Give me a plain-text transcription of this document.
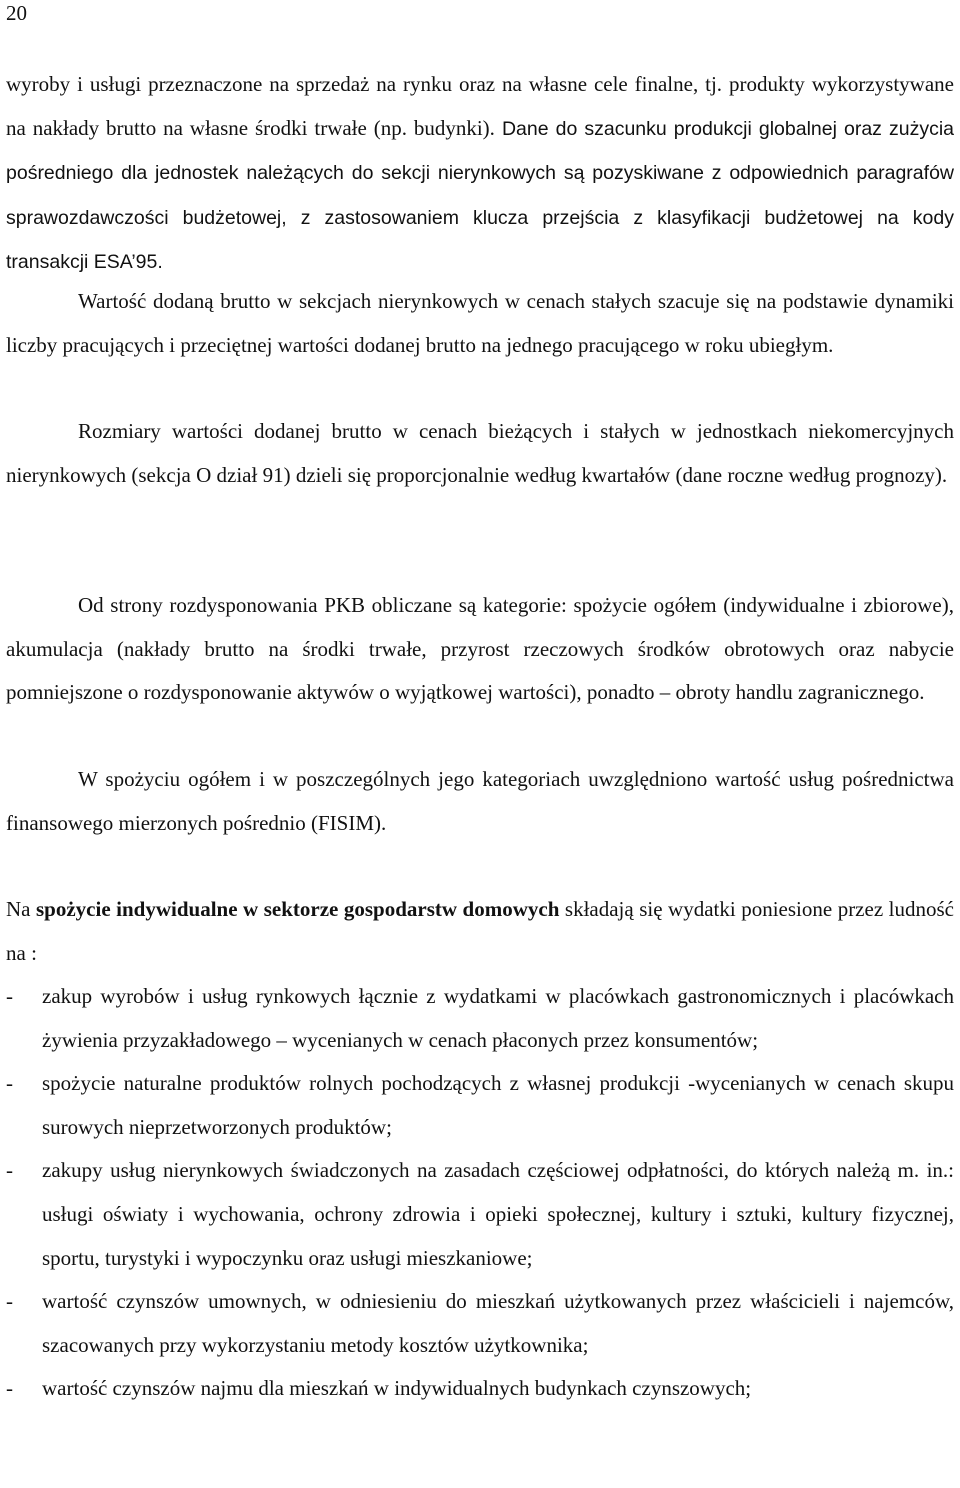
20

wyroby i usługi przeznaczone na sprzedaż na rynku oraz na własne cele finalne, tj. produkty wykorzystywane na nakłady brutto na własne środki trwałe (np. budynki). Dane do szacunku produkcji globalnej oraz zużycia pośredniego dla jednostek należących do sekcji nierynkowych są pozyskiwane z odpowiednich paragrafów sprawozdawczości budżetowej, z zastosowaniem klucza przejścia z klasyfikacji budżetowej na kody transakcji ESA’95.

Wartość dodaną brutto w sekcjach nierynkowych w cenach stałych szacuje się na podstawie dynamiki liczby pracujących i przeciętnej wartości dodanej brutto na jednego pracującego w roku ubiegłym.

Rozmiary wartości dodanej brutto w cenach bieżących i stałych w jednostkach niekomercyjnych nierynkowych (sekcja O dział 91) dzieli się proporcjonalnie według kwartałów (dane roczne według prognozy).

Od strony rozdysponowania PKB obliczane są kategorie: spożycie ogółem (indywidualne i zbiorowe), akumulacja (nakłady brutto na środki trwałe, przyrost rzeczowych środków obrotowych oraz nabycie pomniejszone o rozdysponowanie aktywów o wyjątkowej wartości), ponadto – obroty handlu zagranicznego.

W spożyciu ogółem i w poszczególnych jego kategoriach uwzględniono wartość usług pośrednictwa finansowego mierzonych pośrednio (FISIM).

Na spożycie indywidualne w sektorze gospodarstw domowych składają się wydatki poniesione przez ludność na :

- zakup wyrobów i usług rynkowych łącznie z wydatkami w placówkach gastronomicznych i placówkach żywienia przyzakładowego – wycenianych w cenach płaconych przez konsumentów;
- spożycie naturalne produktów rolnych pochodzących z własnej produkcji -wycenianych w cenach skupu surowych nieprzetworzonych produktów;
- zakupy usług nierynkowych świadczonych na zasadach częściowej odpłatności, do których należą m. in.: usługi oświaty i wychowania, ochrony zdrowia i opieki społecznej, kultury i sztuki, kultury fizycznej, sportu, turystyki i wypoczynku oraz usługi mieszkaniowe;
- wartość czynszów umownych, w odniesieniu do mieszkań użytkowanych przez właścicieli i najemców, szacowanych przy wykorzystaniu metody kosztów użytkownika;
- wartość czynszów najmu dla mieszkań w indywidualnych budynkach czynszowych;
